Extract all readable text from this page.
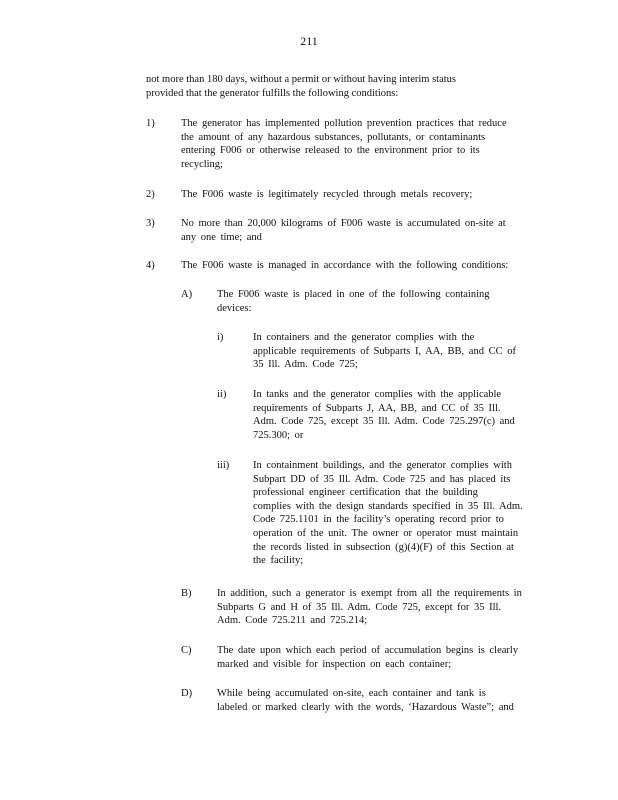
211
not more than 180 days, without a permit or without having interim status
provided that the generator fulfills the following conditions:
1)	The generator has implemented pollution prevention practices that reduce
the amount of any hazardous substances, pollutants, or contaminants
entering F006 or otherwise released to the environment prior to its
recycling;
2)	The F006 waste is legitimately recycled through metals recovery;
3)	No more than 20,000 kilograms of F006 waste is accumulated on-site at
any one time; and
4)	The F006 waste is managed in accordance with the following conditions:
A) The F006 waste is placed in one of the following containing
devices:
i)	In containers and the generator complies with the
applicable requirements of Subparts I, AA, BB, and CC of
35 Ill. Adm. Code 725;
ii)	In tanks and the generator complies with the applicable
requirements of Subparts J, AA, BB, and CC of 35 Ill.
Adm. Code 725, except 35 Ill. Adm. Code 725.297(c) and
725.300; or
iii) In containment buildings, and the generator complies with
Subpart DD of 35 Ill. Adm. Code 725 and has placed its
professional engineer certification that the building
complies with the design standards specified in 35 Ill. Adm.
Code 725.1101 in the facility’s operating record prior to
operation of the unit. The owner or operator must maintain
the records listed in subsection (g)(4)(F) of this Section at
the facility;
B) In addition, such a generator is exempt from all the requirements in
Subparts G and H of 35 Ill. Adm. Code 725, except for 35 Ill.
Adm. Code 725.211 and 725.214;
C) The date upon which each period of accumulation begins is clearly
marked and visible for inspection on each container;
D) While being accumulated on-site, each container and tank is
labeled or marked clearly with the words, ‘Hazardous Waste”; and
